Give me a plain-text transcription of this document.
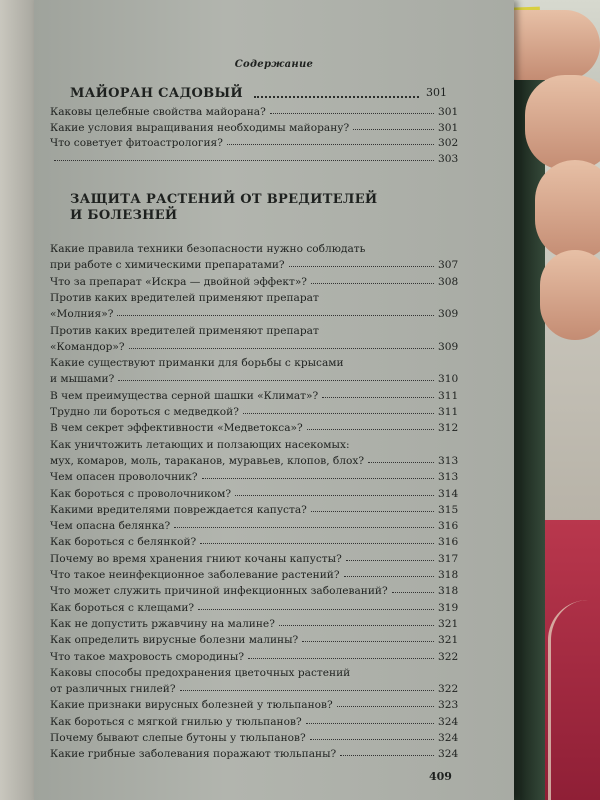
Содержание
МАЙОРАН САДОВЫЙ	301
Каковы целебные свойства майорана?	301
Какие условия выращивания необходимы майорану?	301
Что советует фитоастрология?	302
303
ЗАЩИТА РАСТЕНИЙ ОТ ВРЕДИТЕЛЕЙ
И БОЛЕЗНЕЙ
Какие правила техники безопасности нужно соблюдать
при работе с химическими препаратами?	307
Что за препарат «Искра — двойной эффект»?	308
Против каких вредителей применяют препарат
«Молния»?	309
Против каких вредителей применяют препарат
«Командор»?	309
Какие существуют приманки для борьбы с крысами
и мышами?	310
В чем преимущества серной шашки «Климат»?	311
Трудно ли бороться с медведкой?	311
В чем секрет эффективности «Медветокса»?	312
Как уничтожить летающих и ползающих насекомых:
мух, комаров, моль, тараканов, муравьев, клопов, блох?	313
Чем опасен проволочник?	313
Как бороться с проволочником?	314
Какими вредителями повреждается капуста?	315
Чем опасна белянка?	316
Как бороться с белянкой?	316
Почему во время хранения гниют кочаны капусты?	317
Что такое неинфекционное заболевание растений?	318
Что может служить причиной инфекционных заболеваний?	318
Как бороться с клещами?	319
Как не допустить ржавчину на малине?	321
Как определить вирусные болезни малины?	321
Что такое махровость смородины?	322
Каковы способы предохранения цветочных растений
от различных гнилей?	322
Какие признаки вирусных болезней у тюльпанов?	323
Как бороться с мягкой гнилью у тюльпанов?	324
Почему бывают слепые бутоны у тюльпанов?	324
Какие грибные заболевания поражают тюльпаны?	324
409
